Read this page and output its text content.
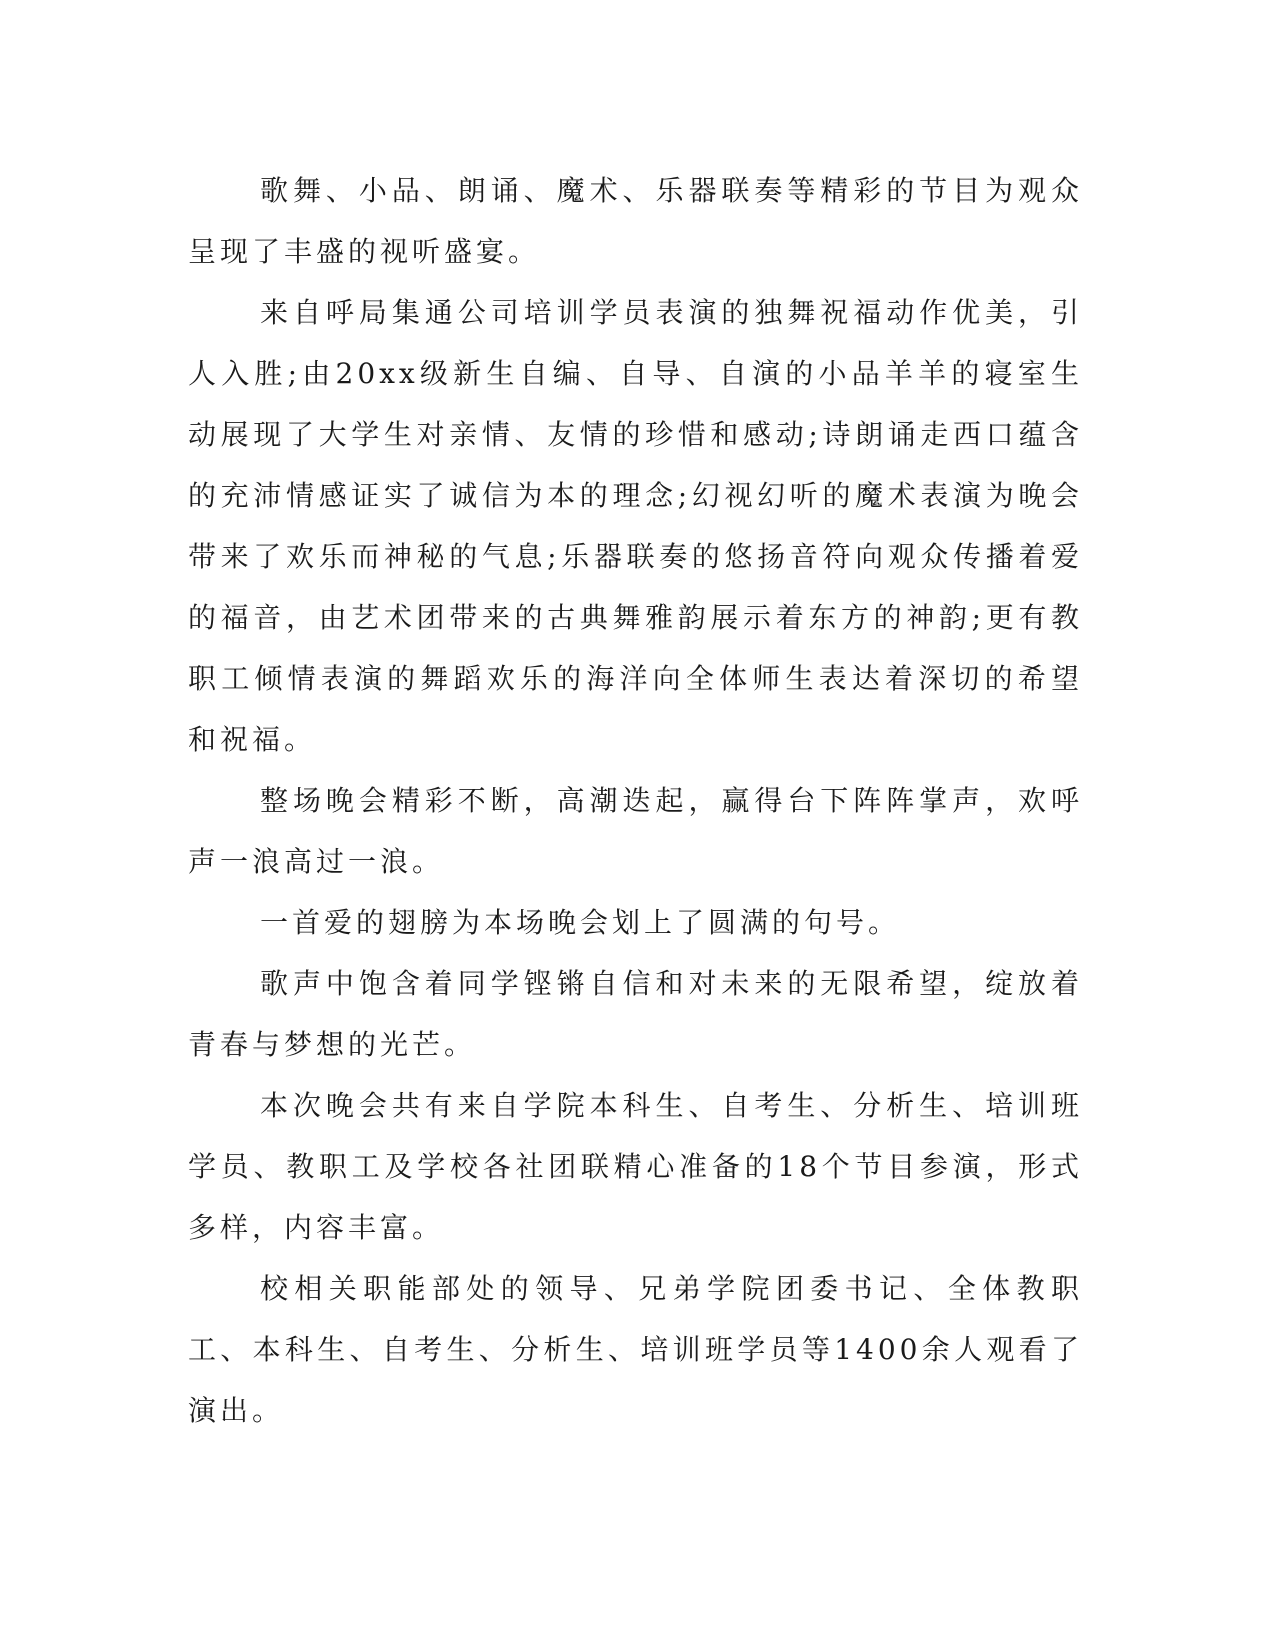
歌舞、小品、朗诵、魔术、乐器联奏等精彩的节目为观众呈现了丰盛的视听盛宴。

来自呼局集通公司培训学员表演的独舞祝福动作优美，引人入胜;由20xx级新生自编、自导、自演的小品羊羊的寝室生动展现了大学生对亲情、友情的珍惜和感动;诗朗诵走西口蕴含的充沛情感证实了诚信为本的理念;幻视幻听的魔术表演为晚会带来了欢乐而神秘的气息;乐器联奏的悠扬音符向观众传播着爱的福音，由艺术团带来的古典舞雅韵展示着东方的神韵;更有教职工倾情表演的舞蹈欢乐的海洋向全体师生表达着深切的希望和祝福。

整场晚会精彩不断，高潮迭起，赢得台下阵阵掌声，欢呼声一浪高过一浪。

一首爱的翅膀为本场晚会划上了圆满的句号。

歌声中饱含着同学铿锵自信和对未来的无限希望，绽放着青春与梦想的光芒。

本次晚会共有来自学院本科生、自考生、分析生、培训班学员、教职工及学校各社团联精心准备的18个节目参演，形式多样，内容丰富。

校相关职能部处的领导、兄弟学院团委书记、全体教职工、本科生、自考生、分析生、培训班学员等1400余人观看了演出。
